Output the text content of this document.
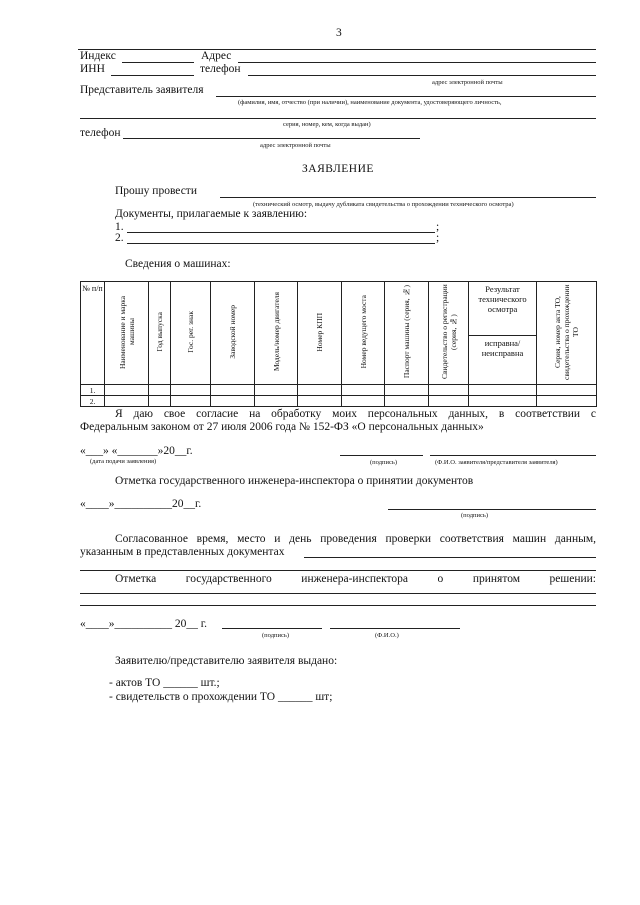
3
Индекс	Адрес
ИНН	телефон
адрес электронной почты
Представитель заявителя
(фамилия, имя, отчество (при наличии), наименование документа, удостоверяющего личность,
серия, номер, кем, когда выдан)
телефон
адрес электронной почты
ЗАЯВЛЕНИЕ
Прошу провести
(технический осмотр, выдачу дубликата свидетельства о прохождении технического осмотра)
Документы, прилагаемые к заявлению:
1.	;
2.	;
Сведения о машинах:
№ п/п	Наименование и марка машины	Год выпуска	Гос. рег. знак	Заводской номер	Модель/номер двигателя	Номер КПП	Номер ведущего моста	Паспорт машины (серия, №)	Свидетельство о регистрации (серия, №)	Результат технического осмотра	Серия, номер акта ТО, свидетельства о прохождении ТО
										исправна/ неисправна	
1.											
2.											
Я даю свое согласие на обработку моих персональных данных, в соответствии с
Федеральным законом от 27 июля 2006 года № 152-ФЗ «О персональных данных»
«___» «_______»20__г.
(дата подачи заявления)	(подпись)	(Ф.И.О. заявителя/представителя заявителя)
Отметка государственного инженера-инспектора о принятии документов
«____»__________20__г.
(подпись)
Согласованное время, место и день проведения проверки соответствия машин данным,
указанным в представленных документах
Отметка государственного инженера-инспектора о принятом решении:
«____»__________ 20__ г.
(подпись)	(Ф.И.О.)
Заявителю/представителю заявителя выдано:
- актов ТО ______ шт.;
- свидетельств о прохождении ТО ______ шт;
